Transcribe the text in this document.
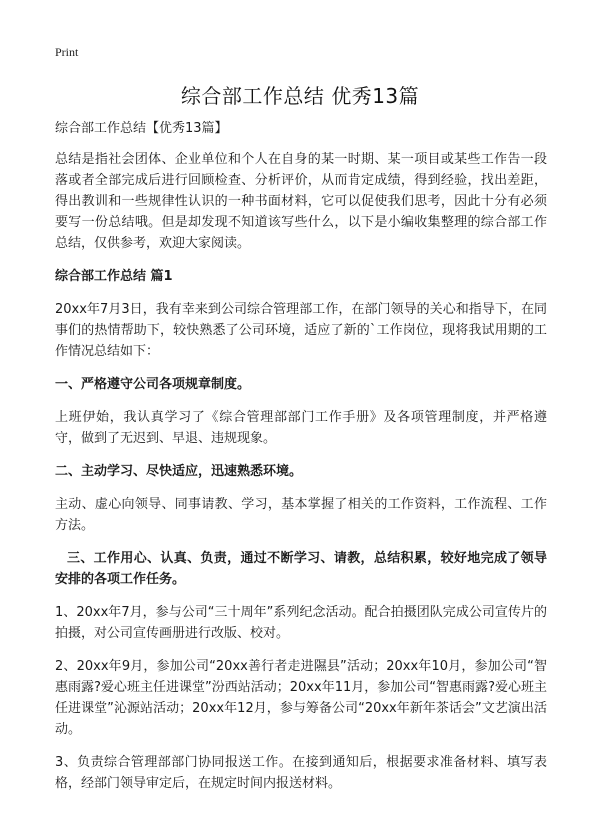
Print
综合部工作总结 优秀13篇

综合部工作总结【优秀13篇】

总结是指社会团体、企业单位和个人在自身的某一时期、某一项目或某些工作告一段落或者全部完成后进行回顾检查、分析评价，从而肯定成绩，得到经验，找出差距，得出教训和一些规律性认识的一种书面材料，它可以促使我们思考，因此十分有必须要写一份总结哦。但是却发现不知道该写些什么，以下是小编收集整理的综合部工作总结，仅供参考，欢迎大家阅读。

综合部工作总结 篇1

20xx年7月3日，我有幸来到公司综合管理部工作，在部门领导的关心和指导下，在同事们的热情帮助下，较快熟悉了公司环境，适应了新的`工作岗位，现将我试用期的工作情况总结如下：

一、严格遵守公司各项规章制度。

上班伊始，我认真学习了《综合管理部部门工作手册》及各项管理制度，并严格遵守，做到了无迟到、早退、违规现象。

二、主动学习、尽快适应，迅速熟悉环境。

主动、虚心向领导、同事请教、学习，基本掌握了相关的工作资料，工作流程、工作方法。

三、工作用心、认真、负责，通过不断学习、请教，总结积累，较好地完成了领导安排的各项工作任务。

1、20xx年7月，参与公司“三十周年”系列纪念活动。配合拍摄团队完成公司宣传片的拍摄，对公司宣传画册进行改版、校对。

2、20xx年9月，参加公司“20xx善行者走进隰县”活动；20xx年10月，参加公司“智惠雨露?爱心班主任进课堂”汾西站活动；20xx年11月，参加公司“智惠雨露?爱心班主任进课堂”沁源站活动；20xx年12月，参与筹备公司“20xx年新年茶话会”文艺演出活动。

3、负责综合管理部部门协同报送工作。在接到通知后，根据要求准备材料、填写表格，经部门领导审定后，在规定时间内报送材料。
